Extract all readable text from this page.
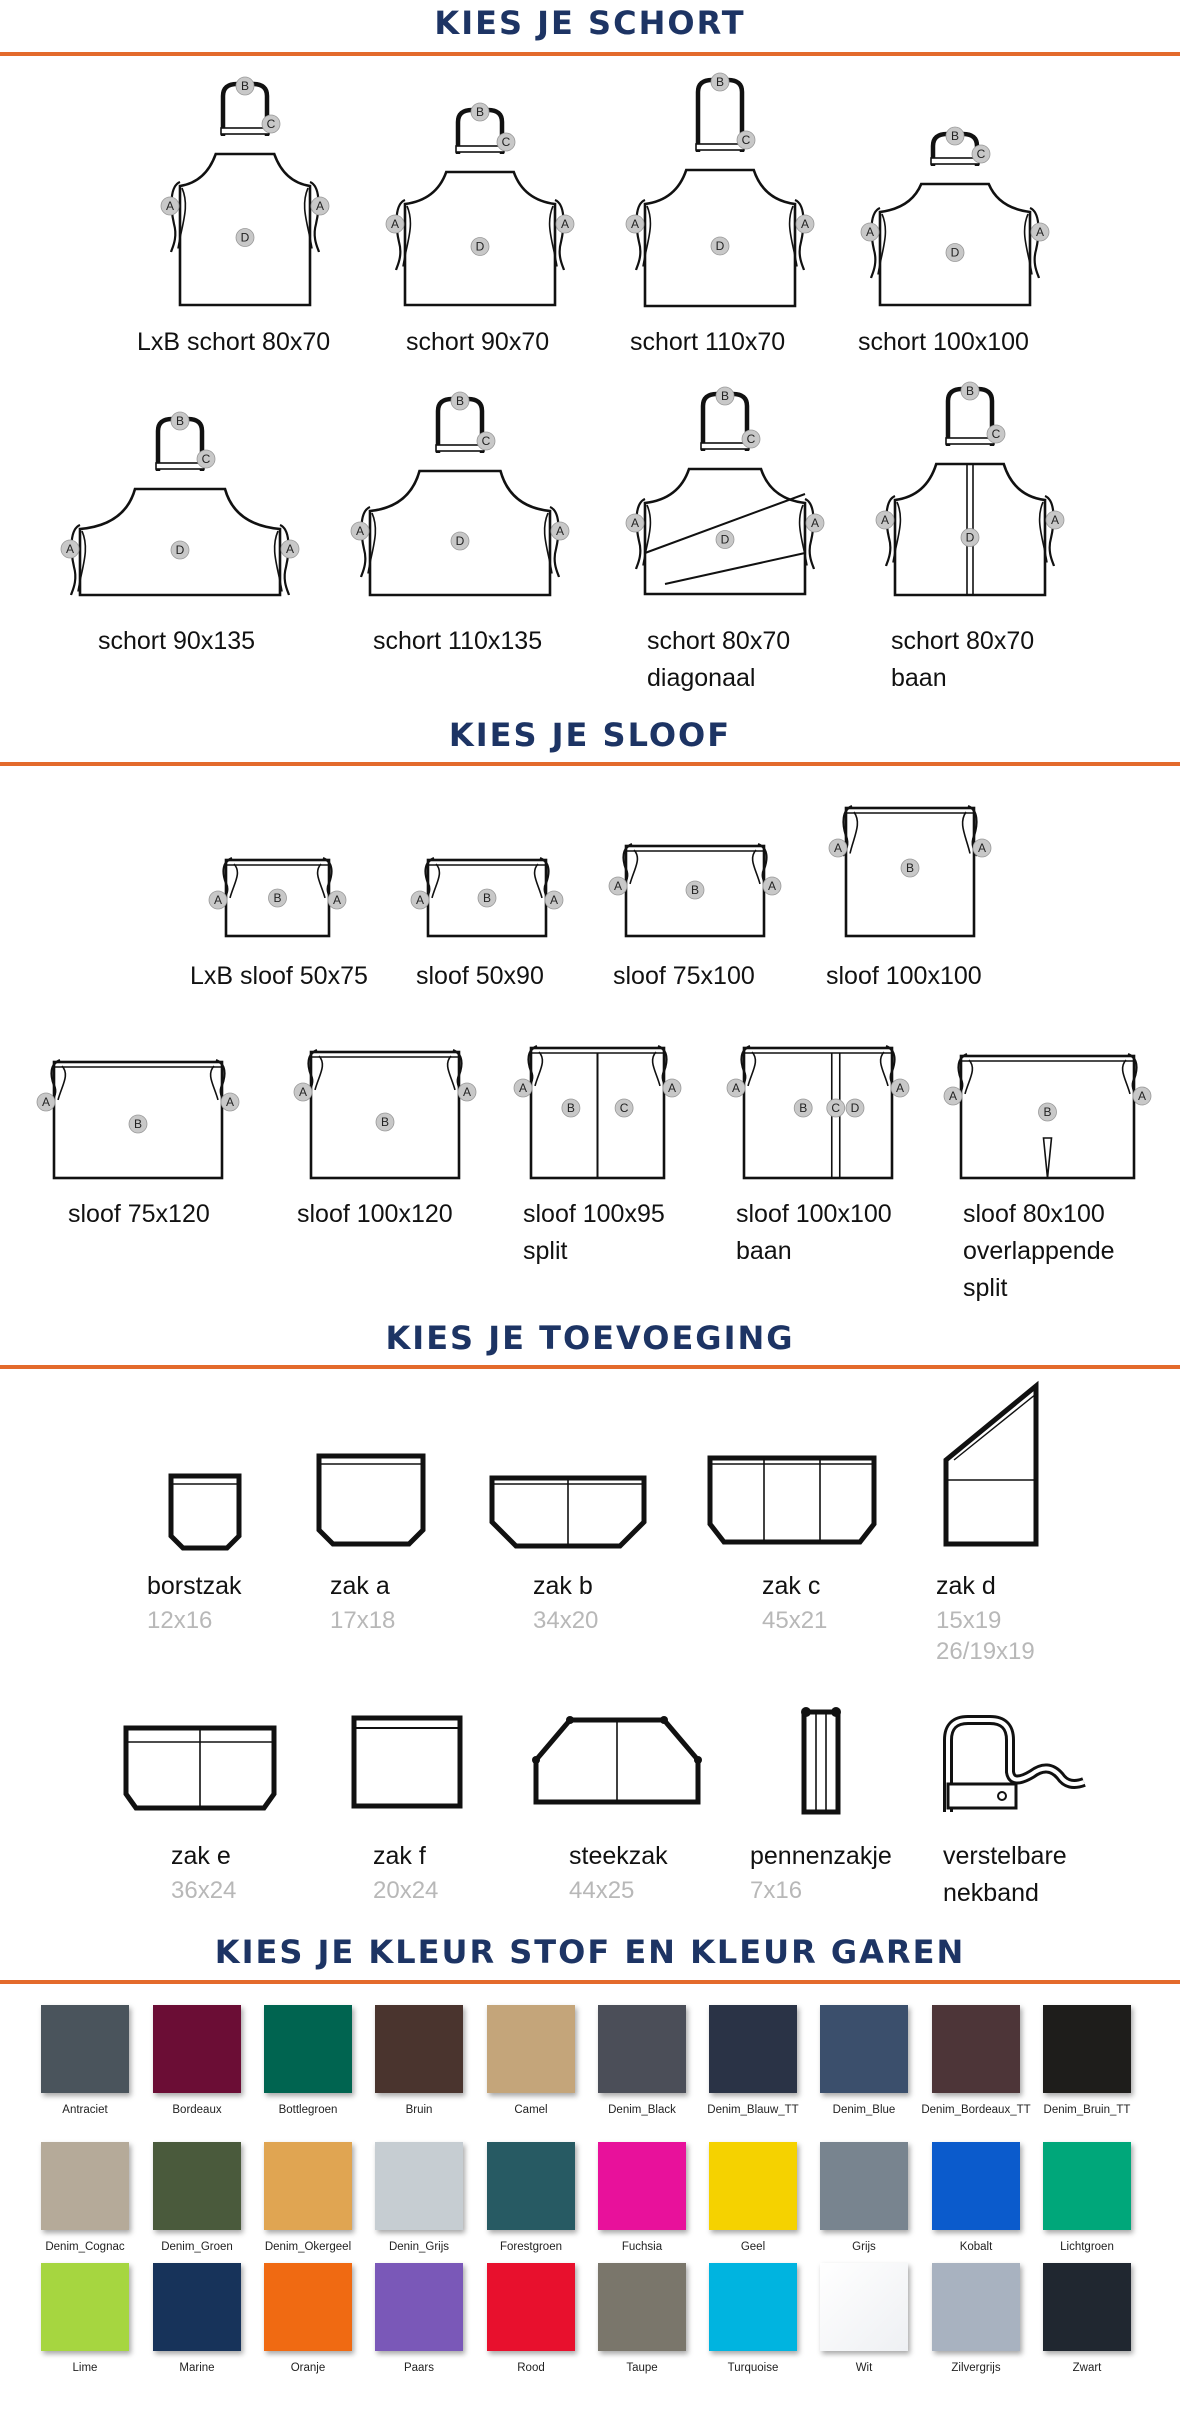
KIES JE SCHORT
B
C
A	A
D
LxB schort 80x70
B
C
A	A
D
schort 90x70
B
C
A	A
D
schort 110x70
B
C
A	A
D
schort 100x100
B
C
A	A
D
schort 90x135
B
C
A	A
D
schort 110x135
B
C
A	A
D
schort 80x70
diagonaal
B
C
A	A
D
schort 80x70
baan
KIES JE SLOOF
A	A
B
LxB sloof 50x75
A	A
B
sloof 50x90
A	A
B
sloof 75x100
A	A
B
sloof 100x100
A	A
B
sloof 75x120
A	A
B
sloof 100x120
A	A
B	C
sloof 100x95
split
A	A
B C D
sloof 100x100
baan
A	A
B
sloof 80x100
overlappende
split
KIES JE TOEVOEGING
borstzak
12x16
zak a
17x18
zak b
34x20
zak c
45x21
zak d
15x19
26/19x19
zak e
36x24
zak f
20x24
steekzak
44x25
pennenzakje
7x16
verstelbare
nekband
KIES JE KLEUR STOF EN KLEUR GAREN
Antraciet	Bordeaux	Bottlegroen	Bruin	Camel	Denim_Black	Denim_Blauw_TT	Denim_Blue	Denim_Bordeaux_TT	Denim_Bruin_TT
Denim_Cognac	Denim_Groen	Denim_Okergeel	Denin_Grijs	Forestgroen	Fuchsia	Geel	Grijs	Kobalt	Lichtgroen
Lime	Marine	Oranje	Paars	Rood	Taupe	Turquoise	Wit	Zilvergrijs	Zwart
